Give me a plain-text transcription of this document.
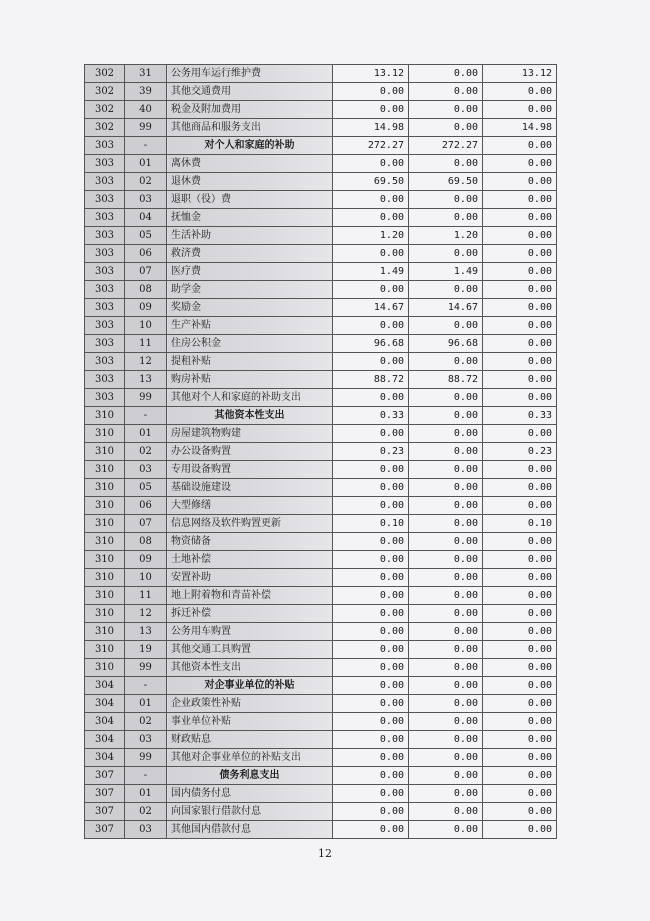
302	31	公务用车运行维护费	13.12	0.00	13.12
302	39	其他交通费用	0.00	0.00	0.00
302	40	税金及附加费用	0.00	0.00	0.00
302	99	其他商品和服务支出	14.98	0.00	14.98
303	-	对个人和家庭的补助	272.27	272.27	0.00
303	01	离休费	0.00	0.00	0.00
303	02	退休费	69.50	69.50	0.00
303	03	退职（役）费	0.00	0.00	0.00
303	04	抚恤金	0.00	0.00	0.00
303	05	生活补助	1.20	1.20	0.00
303	06	救济费	0.00	0.00	0.00
303	07	医疗费	1.49	1.49	0.00
303	08	助学金	0.00	0.00	0.00
303	09	奖励金	14.67	14.67	0.00
303	10	生产补贴	0.00	0.00	0.00
303	11	住房公积金	96.68	96.68	0.00
303	12	提租补贴	0.00	0.00	0.00
303	13	购房补贴	88.72	88.72	0.00
303	99	其他对个人和家庭的补助支出	0.00	0.00	0.00
310	-	其他资本性支出	0.33	0.00	0.33
310	01	房屋建筑物购建	0.00	0.00	0.00
310	02	办公设备购置	0.23	0.00	0.23
310	03	专用设备购置	0.00	0.00	0.00
310	05	基础设施建设	0.00	0.00	0.00
310	06	大型修缮	0.00	0.00	0.00
310	07	信息网络及软件购置更新	0.10	0.00	0.10
310	08	物资储备	0.00	0.00	0.00
310	09	土地补偿	0.00	0.00	0.00
310	10	安置补助	0.00	0.00	0.00
310	11	地上附着物和青苗补偿	0.00	0.00	0.00
310	12	拆迁补偿	0.00	0.00	0.00
310	13	公务用车购置	0.00	0.00	0.00
310	19	其他交通工具购置	0.00	0.00	0.00
310	99	其他资本性支出	0.00	0.00	0.00
304	-	对企事业单位的补贴	0.00	0.00	0.00
304	01	企业政策性补贴	0.00	0.00	0.00
304	02	事业单位补贴	0.00	0.00	0.00
304	03	财政贴息	0.00	0.00	0.00
304	99	其他对企事业单位的补贴支出	0.00	0.00	0.00
307	-	债务利息支出	0.00	0.00	0.00
307	01	国内债务付息	0.00	0.00	0.00
307	02	向国家银行借款付息	0.00	0.00	0.00
307	03	其他国内借款付息	0.00	0.00	0.00
12
